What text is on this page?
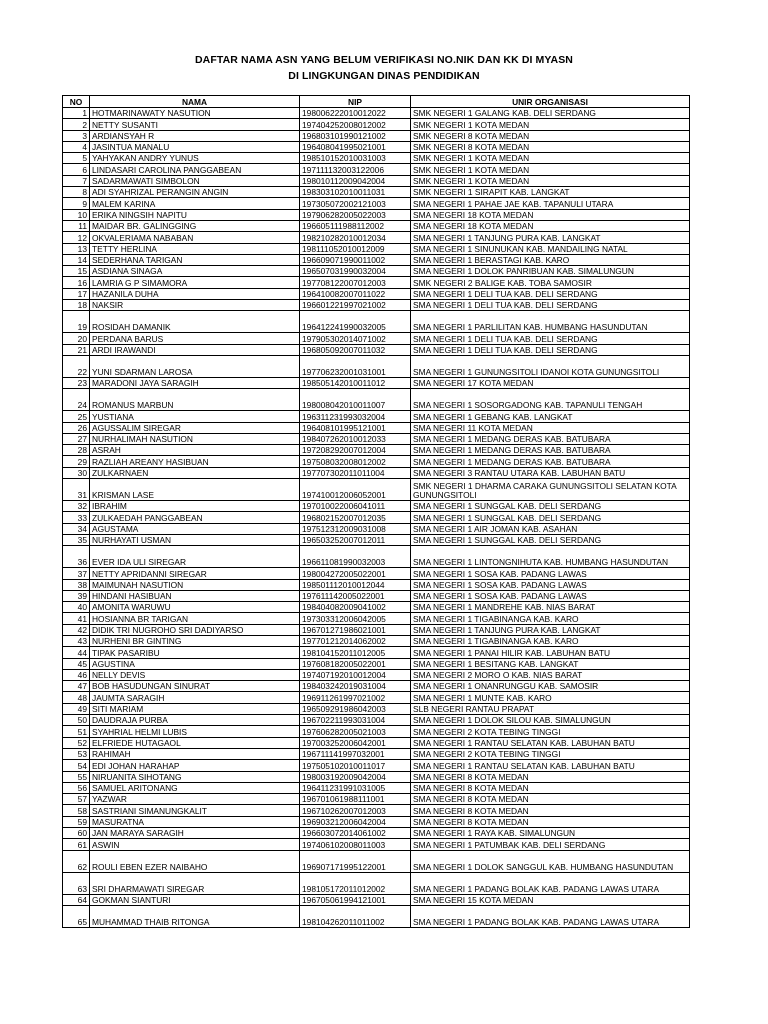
DAFTAR NAMA ASN YANG BELUM VERIFIKASI NO.NIK DAN KK DI MYASN
DI LINGKUNGAN DINAS PENDIDIKAN
NO	NAMA	NIP	UNIR ORGANISASI
1	HOTMARINAWATY NASUTION	198006222010012022	SMK NEGERI 1 GALANG KAB. DELI SERDANG
2	NETTY SUSANTI	197404252008012002	SMK NEGERI 1 KOTA MEDAN
3	ARDIANSYAH R	196803101990121002	SMK NEGERI 8 KOTA MEDAN
4	JASINTUA MANALU	196408041995021001	SMK NEGERI 8 KOTA MEDAN
5	YAHYAKAN ANDRY YUNUS	198510152010031003	SMK NEGERI 1 KOTA MEDAN
6	LINDASARI CAROLINA PANGGABEAN	197111132003122006	SMK NEGERI 1 KOTA MEDAN
7	SADARMAWATI SIMBOLON	198010112009042004	SMK NEGERI 1 KOTA MEDAN
8	ADI SYAHRIZAL PERANGIN ANGIN	198303102010011031	SMK NEGERI 1 SIRAPIT KAB. LANGKAT
9	MALEM KARINA	197305072002121003	SMA NEGERI 1 PAHAE JAE KAB. TAPANULI UTARA
10	ERIKA NINGSIH NAPITU	197906282005022003	SMA NEGERI 18 KOTA MEDAN
11	MAIDAR BR. GALINGGING	196605111988112002	SMA NEGERI 18 KOTA MEDAN
12	OKVALERIAMA NABABAN	198210282010012034	SMA NEGERI 1 TANJUNG PURA KAB. LANGKAT
13	TETTY HERLINA	198111052010012009	SMA NEGERI 1 SINUNUKAN KAB. MANDAILING NATAL
14	SEDERHANA TARIGAN	196609071990011002	SMA NEGERI 1 BERASTAGI KAB. KARO
15	ASDIANA SINAGA	196507031990032004	SMA NEGERI 1 DOLOK PANRIBUAN KAB. SIMALUNGUN
16	LAMRIA G P SIMAMORA	197708122007012003	SMK NEGERI 2 BALIGE KAB. TOBA SAMOSIR
17	HAZANILA DUHA	196410082007011022	SMA NEGERI 1 DELI TUA KAB. DELI SERDANG
18	NAKSIR	196601221997021002	SMA NEGERI 1 DELI TUA KAB. DELI SERDANG
19	ROSIDAH DAMANIK	196412241990032005	SMA NEGERI 1 PARLILITAN KAB. HUMBANG HASUNDUTAN
20	PERDANA BARUS	197905302014071002	SMA NEGERI 1 DELI TUA KAB. DELI SERDANG
21	ARDI IRAWANDI	196805092007011032	SMA NEGERI 1 DELI TUA KAB. DELI SERDANG
22	YUNI SDARMAN LAROSA	197706232001031001	SMA NEGERI 1 GUNUNGSITOLI IDANOI KOTA GUNUNGSITOLI
23	MARADONI JAYA SARAGIH	198505142010011012	SMA NEGERI 17 KOTA MEDAN
24	ROMANUS MARBUN	198008042010011007	SMA NEGERI 1 SOSORGADONG KAB. TAPANULI TENGAH
25	YUSTIANA	196311231993032004	SMA NEGERI 1 GEBANG KAB. LANGKAT
26	AGUSSALIM SIREGAR	196408101995121001	SMA NEGERI 11 KOTA MEDAN
27	NURHALIMAH NASUTION	198407262010012033	SMA NEGERI 1 MEDANG DERAS KAB. BATUBARA
28	ASRAH	197208292007012004	SMA NEGERI 1 MEDANG DERAS KAB. BATUBARA
29	RAZLIAH AREANY HASIBUAN	197508032008012002	SMA NEGERI 1 MEDANG DERAS KAB. BATUBARA
30	ZULKARNAEN	197707302011011004	SMA NEGERI 3 RANTAU UTARA KAB. LABUHAN BATU
31	KRISMAN LASE	197410012006052001	SMK NEGERI 1 DHARMA CARAKA GUNUNGSITOLI SELATAN KOTA GUNUNGSITOLI
32	IBRAHIM	197010022006041011	SMA NEGERI 1 SUNGGAL KAB. DELI SERDANG
33	ZULKAEDAH PANGGABEAN	196802152007012035	SMA NEGERI 1 SUNGGAL KAB. DELI SERDANG
34	AGUSTAMA	197512312009031008	SMA NEGERI 1 AIR JOMAN KAB. ASAHAN
35	NURHAYATI USMAN	196503252007012011	SMA NEGERI 1 SUNGGAL KAB. DELI SERDANG
36	EVER IDA ULI SIREGAR	196611081990032003	SMA NEGERI 1 LINTONGNIHUTA KAB. HUMBANG HASUNDUTAN
37	NETTY APRIDANNI SIREGAR	198004272005022001	SMA NEGERI 1 SOSA KAB. PADANG LAWAS
38	MAIMUNAH NASUTION	198501112010012044	SMA NEGERI 1 SOSA KAB. PADANG LAWAS
39	HINDANI HASIBUAN	197611142005022001	SMA NEGERI 1 SOSA KAB. PADANG LAWAS
40	AMONITA WARUWU	198404082009041002	SMA NEGERI 1 MANDREHE KAB. NIAS BARAT
41	HOSIANNA BR TARIGAN	197303312006042005	SMA NEGERI 1 TIGABINANGA KAB. KARO
42	DIDIK TRI NUGROHO SRI DADIYARSO	196701271986021001	SMA NEGERI 1 TANJUNG PURA KAB. LANGKAT
43	NURHENI BR GINTING	197701212014062002	SMA NEGERI 1 TIGABINANGA KAB. KARO
44	TIPAK PASARIBU	198104152011012005	SMA NEGERI 1 PANAI HILIR KAB. LABUHAN BATU
45	AGUSTINA	197608182005022001	SMA NEGERI 1 BESITANG KAB. LANGKAT
46	NELLY DEVIS	197407192010012004	SMA NEGERI 2 MORO O KAB. NIAS BARAT
47	BOB HASUDUNGAN SINURAT	198403242019031004	SMA NEGERI 1 ONANRUNGGU KAB. SAMOSIR
48	JAUMTA SARAGIH	196911261997021002	SMA NEGERI 1 MUNTE KAB. KARO
49	SITI MARIAM	196509291986042003	SLB NEGERI RANTAU PRAPAT
50	DAUDRAJA PURBA	196702211993031004	SMA NEGERI 1 DOLOK SILOU KAB. SIMALUNGUN
51	SYAHRIAL HELMI LUBIS	197606282005021003	SMA NEGERI 2 KOTA TEBING TINGGI
52	ELFRIEDE HUTAGAOL	197003252006042001	SMA NEGERI 1 RANTAU SELATAN KAB. LABUHAN BATU
53	RAHIMAH	196711141997032001	SMA NEGERI 2 KOTA TEBING TINGGI
54	EDI JOHAN HARAHAP	197505102010011017	SMA NEGERI 1 RANTAU SELATAN KAB. LABUHAN BATU
55	NIRUANITA SIHOTANG	198003192009042004	SMA NEGERI 8 KOTA MEDAN
56	SAMUEL ARITONANG	196411231991031005	SMA NEGERI 8 KOTA MEDAN
57	YAZWAR	196701061988111001	SMA NEGERI 8 KOTA MEDAN
58	SASTRIANI SIMANUNGKALIT	196710262007012003	SMA NEGERI 8 KOTA MEDAN
59	MASURATNA	196903212006042004	SMA NEGERI 8 KOTA MEDAN
60	JAN MARAYA SARAGIH	196603072014061002	SMA NEGERI 1 RAYA KAB. SIMALUNGUN
61	ASWIN	197406102008011003	SMA NEGERI 1 PATUMBAK KAB. DELI SERDANG
62	ROULI EBEN EZER NAIBAHO	196907171995122001	SMA NEGERI 1 DOLOK SANGGUL KAB. HUMBANG HASUNDUTAN
63	SRI DHARMAWATI SIREGAR	198105172011012002	SMA NEGERI 1 PADANG BOLAK KAB. PADANG LAWAS UTARA
64	GOKMAN SIANTURI	196705061994121001	SMA NEGERI 15 KOTA MEDAN
65	MUHAMMAD THAIB RITONGA	198104262011011002	SMA NEGERI 1 PADANG BOLAK KAB. PADANG LAWAS UTARA
